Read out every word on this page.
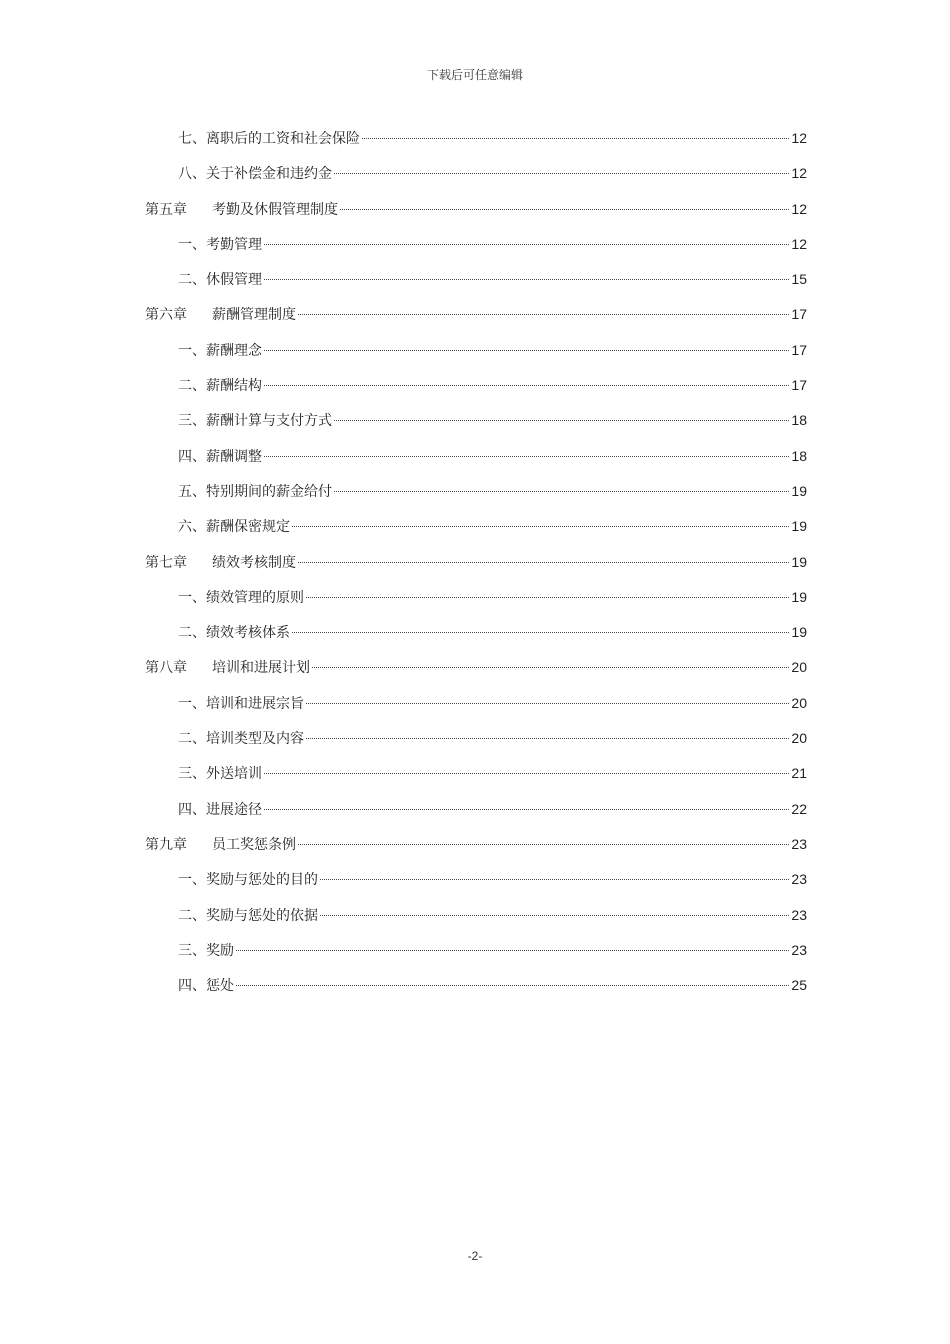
下载后可任意编辑
七、离职后的工资和社会保险	12
八、关于补偿金和违约金	12
第五章 考勤及休假管理制度	12
一、考勤管理	12
二、休假管理	15
第六章 薪酬管理制度	17
一、薪酬理念	17
二、薪酬结构	17
三、薪酬计算与支付方式	18
四、薪酬调整	18
五、特别期间的薪金给付	19
六、薪酬保密规定	19
第七章 绩效考核制度	19
一、绩效管理的原则	19
二、绩效考核体系	19
第八章 培训和进展计划	20
一、培训和进展宗旨	20
二、培训类型及内容	20
三、外送培训	21
四、进展途径	22
第九章 员工奖惩条例	23
一、奖励与惩处的目的	23
二、奖励与惩处的依据	23
三、奖励	23
四、惩处	25
-2-
